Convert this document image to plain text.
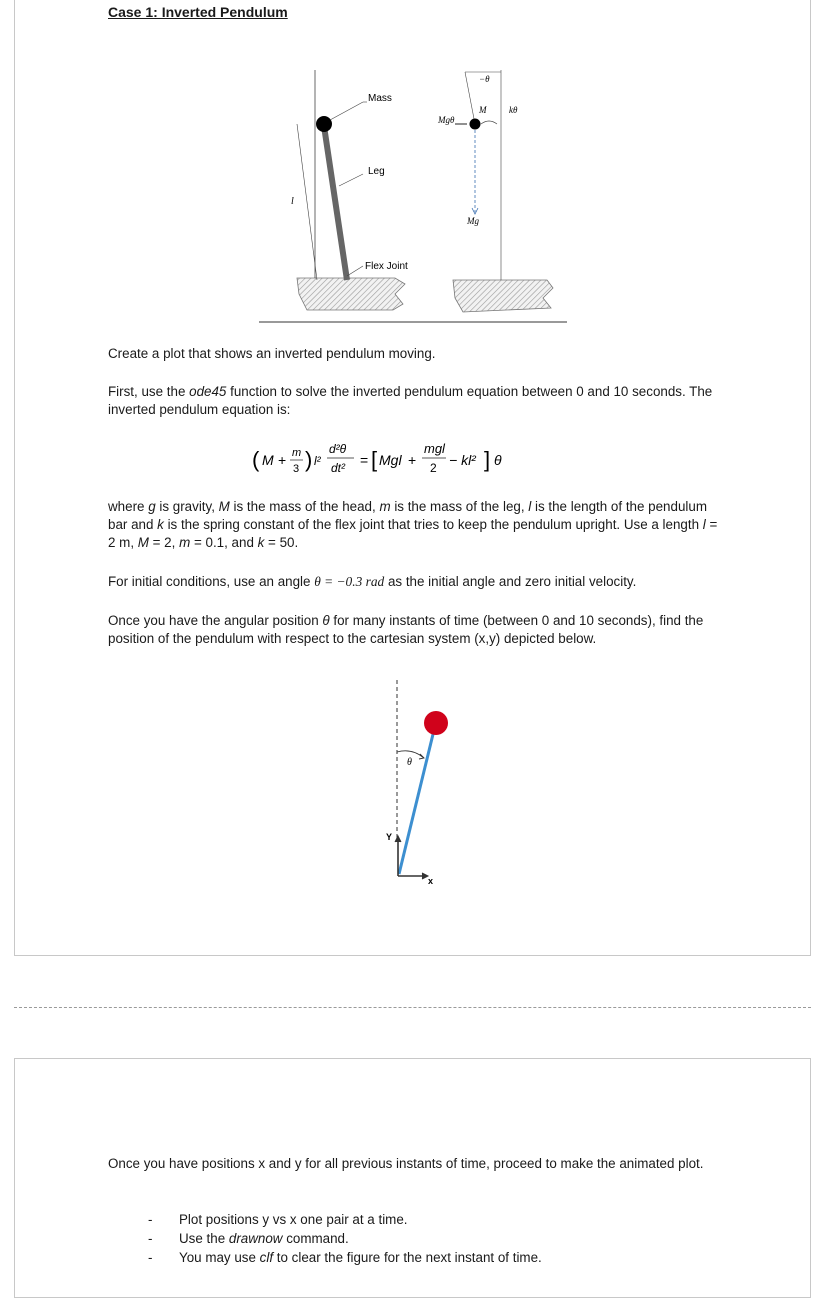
Case 1: Inverted Pendulum
l
Mass
Leg
Flex Joint
−θ
Mgθ
M	kθ
Mg
Create a plot that shows an inverted pendulum moving.
First, use the ode45 function to solve the inverted pendulum equation between 0 and 10 seconds. The inverted pendulum equation is:
( M + m
3 ) l²
d²θ
dt² = [ Mgl +
mgl
2 − kl² ] θ
where g is gravity, M is the mass of the head, m is the mass of the leg, l is the length of the pendulum bar and k is the spring constant of the flex joint that tries to keep the pendulum upright. Use a length l = 2 m, M = 2, m = 0.1, and k = 50.
For initial conditions, use an angle θ = −0.3 rad as the initial angle and zero initial velocity.
Once you have the angular position θ for many instants of time (between 0 and 10 seconds), find the position of the pendulum with respect to the cartesian system (x,y) depicted below.
θ
Y
x
Once you have positions x and y for all previous instants of time, proceed to make the animated plot.
- Plot positions y vs x one pair at a time.
- Use the drawnow command.
- You may use clf to clear the figure for the next instant of time.
